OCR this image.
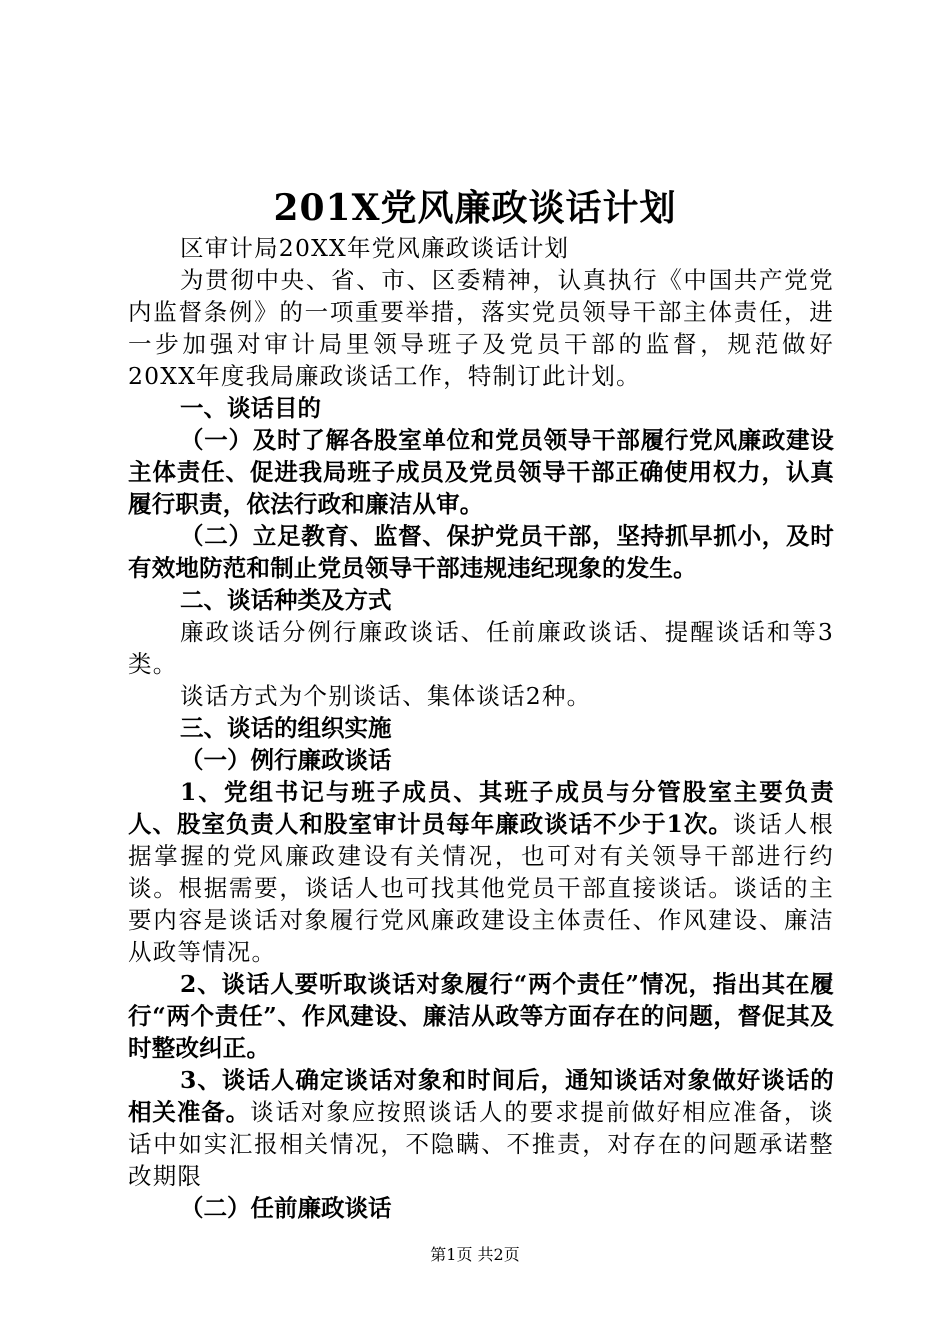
201X党风廉政谈话计划

区审计局20XX年党风廉政谈话计划

为贯彻中央、省、市、区委精神，认真执行《中国共产党党内监督条例》的一项重要举措，落实党员领导干部主体责任，进一步加强对审计局里领导班子及党员干部的监督，规范做好20XX年度我局廉政谈话工作，特制订此计划。

一、谈话目的

（一）及时了解各股室单位和党员领导干部履行党风廉政建设主体责任、促进我局班子成员及党员领导干部正确使用权力，认真履行职责，依法行政和廉洁从审。

（二）立足教育、监督、保护党员干部，坚持抓早抓小，及时有效地防范和制止党员领导干部违规违纪现象的发生。

二、谈话种类及方式

廉政谈话分例行廉政谈话、任前廉政谈话、提醒谈话和等3类。

谈话方式为个别谈话、集体谈话2种。

三、谈话的组织实施

（一）例行廉政谈话

1、党组书记与班子成员、其班子成员与分管股室主要负责人、股室负责人和股室审计员每年廉政谈话不少于1次。谈话人根据掌握的党风廉政建设有关情况，也可对有关领导干部进行约谈。根据需要，谈话人也可找其他党员干部直接谈话。谈话的主要内容是谈话对象履行党风廉政建设主体责任、作风建设、廉洁从政等情况。

2、谈话人要听取谈话对象履行“两个责任”情况，指出其在履行“两个责任”、作风建设、廉洁从政等方面存在的问题，督促其及时整改纠正。

3、谈话人确定谈话对象和时间后，通知谈话对象做好谈话的相关准备。谈话对象应按照谈话人的要求提前做好相应准备，谈话中如实汇报相关情况，不隐瞒、不推责，对存在的问题承诺整改期限

（二）任前廉政谈话

第1页 共2页
